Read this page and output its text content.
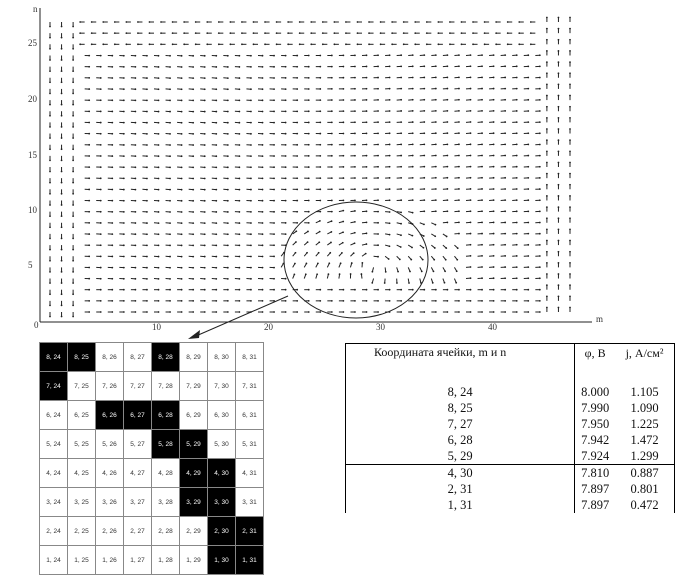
n
m
0	10	20	30	40
25
20
15
10
5
8, 24	8, 25	8, 26	8, 27	8, 28	8, 29	8, 30	8, 31
7, 24	7, 25	7, 26	7, 27	7, 28	7, 29	7, 30	7, 31
6, 24	6, 25	6, 26	6, 27	6, 28	6, 29	6, 30	6, 31
5, 24	5, 25	5, 26	5, 27	5, 28	5, 29	5, 30	5, 31
4, 24	4, 25	4, 26	4, 27	4, 28	4, 29	4, 30	4, 31
3, 24	3, 25	3, 26	3, 27	3, 28	3, 29	3, 30	3, 31
2, 24	2, 25	2, 26	2, 27	2, 28	2, 29	2, 30	2, 31
1, 24	1, 25	1, 26	1, 27	1, 28	1, 29	1, 30	1, 31
Координата ячейки, m и n	φ, В	j, А/см²
8, 24	8.000	1.105
8, 25	7.990	1.090
7, 27	7.950	1.225
6, 28	7.942	1.472
5, 29	7.924	1.299
4, 30	7.810	0.887
2, 31	7.897	0.801
1, 31	7.897	0.472
